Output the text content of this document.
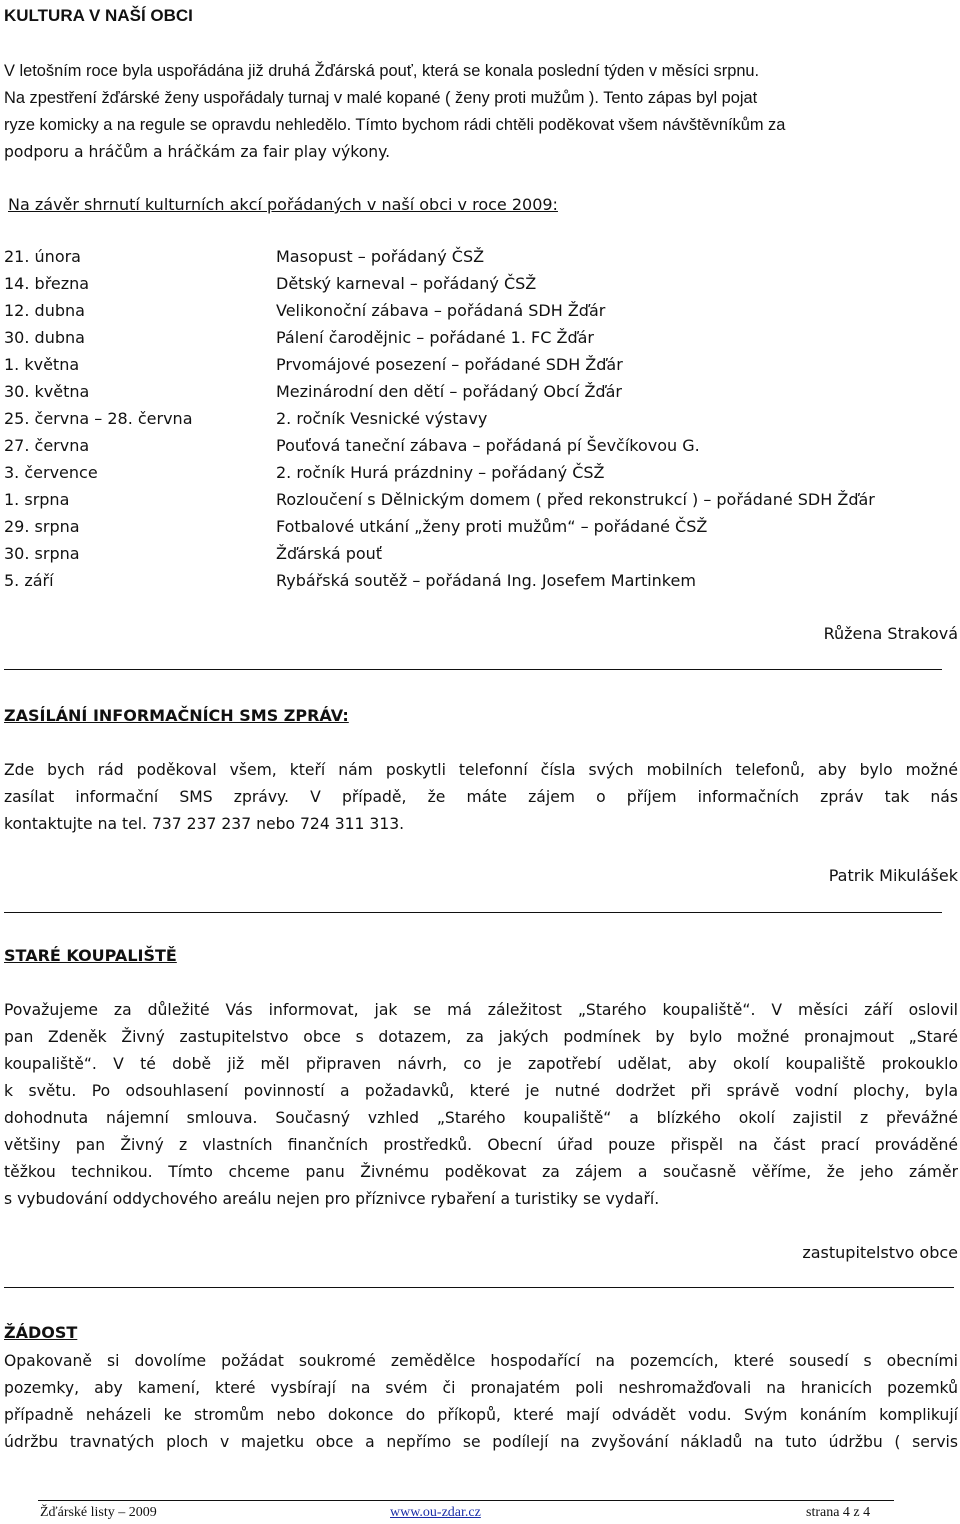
KULTURA V NAŠÍ OBCI
V letošním roce byla uspořádána již druhá Žďárská pouť, která se konala poslední týden v měsíci srpnu.
Na zpestření žďárské ženy uspořádaly turnaj v malé kopané ( ženy proti mužům ). Tento zápas byl pojat
ryze komicky a na regule se opravdu nehledělo. Tímto bychom rádi chtěli poděkovat všem návštěvníkům za
podporu a hráčům a hráčkám za fair play výkony.
Na závěr shrnutí kulturních akcí pořádaných v naší obci v roce 2009:
21. února	Masopust – pořádaný ČSŽ
14. března	Dětský karneval – pořádaný ČSŽ
12. dubna	Velikonoční zábava – pořádaná SDH Žďár
30. dubna	Pálení čarodějnic – pořádané 1. FC Žďár
1. května	Prvomájové posezení – pořádané SDH Žďár
30. května	Mezinárodní den dětí – pořádaný Obcí Žďár
25. června – 28. června	2. ročník Vesnické výstavy
27. června	Pouťová taneční zábava – pořádaná pí Ševčíkovou G.
3. července	2. ročník Hurá prázdniny – pořádaný ČSŽ
1. srpna	Rozloučení s Dělnickým domem ( před rekonstrukcí ) – pořádané SDH Žďár
29. srpna	Fotbalové utkání „ženy proti mužům“ – pořádané ČSŽ
30. srpna	Žďárská pouť
5. září	Rybářská soutěž – pořádaná Ing. Josefem Martinkem
Růžena Straková
ZASÍLÁNÍ INFORMAČNÍCH SMS ZPRÁV:
Zde bych rád poděkoval všem, kteří nám poskytli telefonní čísla svých mobilních telefonů, aby bylo možné
zasílat informační SMS zprávy. V případě, že máte zájem o příjem informačních zpráv tak nás
kontaktujte na tel. 737 237 237 nebo 724 311 313.
Patrik Mikulášek
STARÉ KOUPALIŠTĚ
Považujeme za důležité Vás informovat, jak se má záležitost „Starého koupaliště“. V měsíci září oslovil
pan Zdeněk Živný zastupitelstvo obce s dotazem, za jakých podmínek by bylo možné pronajmout „Staré
koupaliště“. V té době již měl připraven návrh, co je zapotřebí udělat, aby okolí koupaliště prokouklo
k světu. Po odsouhlasení povinností a požadavků, které je nutné dodržet při správě vodní plochy, byla
dohodnuta nájemní smlouva. Současný vzhled „Starého koupaliště“ a blízkého okolí zajistil z převážné
většiny pan Živný z vlastních finančních prostředků. Obecní úřad pouze přispěl na část prací prováděné
těžkou technikou. Tímto chceme panu Živnému poděkovat za zájem a současně věříme, že jeho záměr
s vybudování oddychového areálu nejen pro příznivce rybaření a turistiky se vydaří.
zastupitelstvo obce
ŽÁDOST
Opakovaně si dovolíme požádat soukromé zemědělce hospodařící na pozemcích, které sousedí s obecními
pozemky, aby kamení, které vysbírají na svém či pronajatém poli neshromažďovali na hranicích pozemků
případně neházeli ke stromům nebo dokonce do příkopů, které mají odvádět vodu. Svým konáním komplikují
údržbu travnatých ploch v majetku obce a nepřímo se podílejí na zvyšování nákladů na tuto údržbu ( servis
Žďárské listy – 2009	www.ou-zdar.cz	strana 4 z 4
